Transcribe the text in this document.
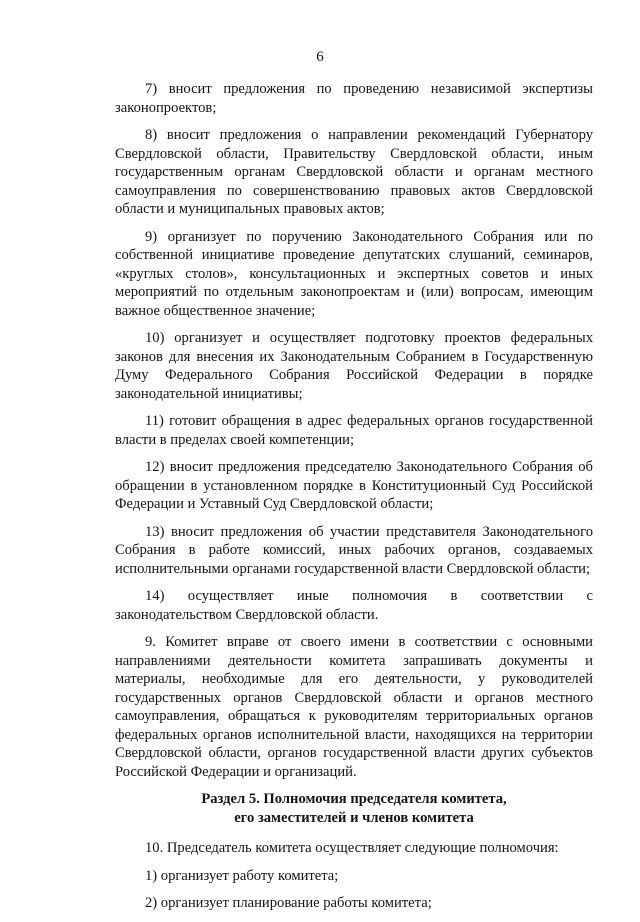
6

7) вносит предложения по проведению независимой экспертизы законопроектов;

8) вносит предложения о направлении рекомендаций Губернатору Свердловской области, Правительству Свердловской области, иным государственным органам Свердловской области и органам местного самоуправления по совершенствованию правовых актов Свердловской области и муниципальных правовых актов;

9) организует по поручению Законодательного Собрания или по собственной инициативе проведение депутатских слушаний, семинаров, «круглых столов», консультационных и экспертных советов и иных мероприятий по отдельным законопроектам и (или) вопросам, имеющим важное общественное значение;

10) организует и осуществляет подготовку проектов федеральных законов для внесения их Законодательным Собранием в Государственную Думу Федерального Собрания Российской Федерации в порядке законодательной инициативы;

11) готовит обращения в адрес федеральных органов государственной власти в пределах своей компетенции;

12) вносит предложения председателю Законодательного Собрания об обращении в установленном порядке в Конституционный Суд Российской Федерации и Уставный Суд Свердловской области;

13) вносит предложения об участии представителя Законодательного Собрания в работе комиссий, иных рабочих органов, создаваемых исполнительными органами государственной власти Свердловской области;

14) осуществляет иные полномочия в соответствии с законодательством Свердловской области.

9. Комитет вправе от своего имени в соответствии с основными направлениями деятельности комитета запрашивать документы и материалы, необходимые для его деятельности, у руководителей государственных органов Свердловской области и органов местного самоуправления, обращаться к руководителям территориальных органов федеральных органов исполнительной власти, находящихся на территории Свердловской области, органов государственной власти других субъектов Российской Федерации и организаций.

Раздел 5. Полномочия председателя комитета,
его заместителей и членов комитета

10. Председатель комитета осуществляет следующие полномочия:

1) организует работу комитета;

2) организует планирование работы комитета;
